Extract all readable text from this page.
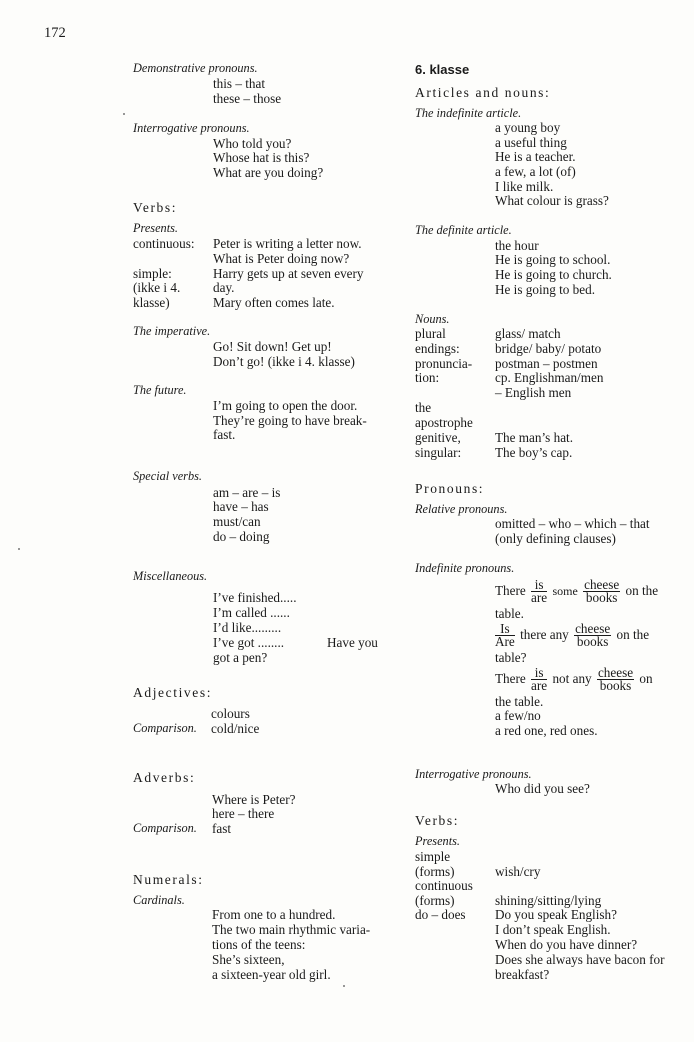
172
Demonstrative pronouns.
this – that
these – those
Interrogative pronouns.
Who told you?
Whose hat is this?
What are you doing?
Verbs:
Presents.
continuous: Peter is writing a letter now.
What is Peter doing now?
simple:
(ikke i 4.
klasse)
Harry gets up at seven every
day.
Mary often comes late.
The imperative.
Go! Sit down! Get up!
Don’t go! (ikke i 4. klasse)
The future.
I’m going to open the door.
They’re going to have break-
fast.
Special verbs.
am – are – is
have – has
must/can
do – doing
Miscellaneous.
I’ve finished.....
I’m called ......
I’d like.........
I’ve got ........	Have you
got a pen?
Adjectives:
colours
Comparison. cold/nice
Adverbs:
Where is Peter?
here – there
Comparison. fast
Numerals:
Cardinals.
From one to a hundred.
The two main rhythmic varia-
tions of the teens:
She’s sixteen,
a sixteen-year old girl.
6. klasse
Articles and nouns:
The indefinite article.
a young boy
a useful thing
He is a teacher.
a few, a lot (of)
I like milk.
What colour is grass?
The definite article.
the hour
He is going to school.
He is going to church.
He is going to bed.
Nouns.
plural
endings:
pronuncia-
tion:
glass/ match
bridge/ baby/ potato
postman – postmen
cp. Englishman/men
– English men
the
apostrophe
genitive,
singular:
The man’s hat.
The boy’s cap.
Pronouns:
Relative pronouns.
omitted – who – which – that
(only defining clauses)
Indefinite pronouns.
There $\frac{is}{\text{are}}$ some $\frac{\text{cheese}}{\text{books}}$ on the
table.
$\frac{Is}{\text{Are}}$ there any $\frac{\text{cheese}}{\text{books}}$ on the
table?
There $\frac{is}{\text{are}}$ not any $\frac{\text{cheese}}{\text{books}}$ on
the table.
a few/no
a red one, red ones.
Interrogative pronouns.
Who did you see?
Verbs:
Presents.
simple
(forms)
continuous
(forms)
do – does
wish/cry
shining/sitting/lying
Do you speak English?
I don’t speak English.
When do you have dinner?
Does she always have bacon for
breakfast?
